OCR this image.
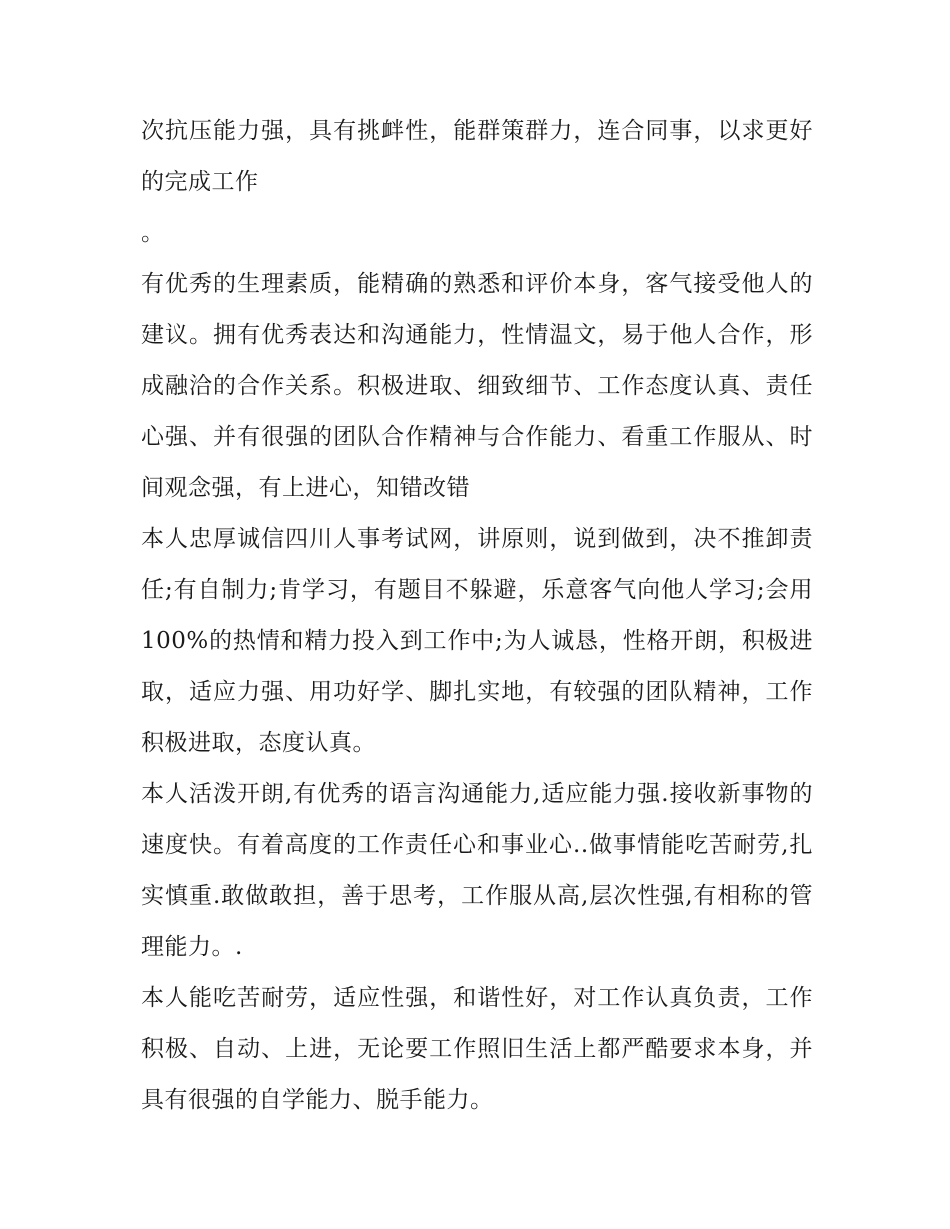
次抗压能力强，具有挑衅性，能群策群力，连合同事，以求更好的完成工作

。

有优秀的生理素质，能精确的熟悉和评价本身，客气接受他人的建议。拥有优秀表达和沟通能力，性情温文，易于他人合作，形成融洽的合作关系。积极进取、细致细节、工作态度认真、责任心强、并有很强的团队合作精神与合作能力、看重工作服从、时间观念强，有上进心，知错改错

本人忠厚诚信四川人事考试网，讲原则，说到做到，决不推卸责任;有自制力;肯学习，有题目不躲避，乐意客气向他人学习;会用100%的热情和精力投入到工作中;为人诚恳，性格开朗，积极进取，适应力强、用功好学、脚扎实地，有较强的团队精神，工作积极进取，态度认真。

本人活泼开朗,有优秀的语言沟通能力,适应能力强.接收新事物的速度快。有着高度的工作责任心和事业心..做事情能吃苦耐劳,扎实慎重.敢做敢担，善于思考，工作服从高,层次性强,有相称的管理能力。.

本人能吃苦耐劳，适应性强，和谐性好，对工作认真负责，工作积极、自动、上进，无论要工作照旧生活上都严酷要求本身，并具有很强的自学能力、脱手能力。
